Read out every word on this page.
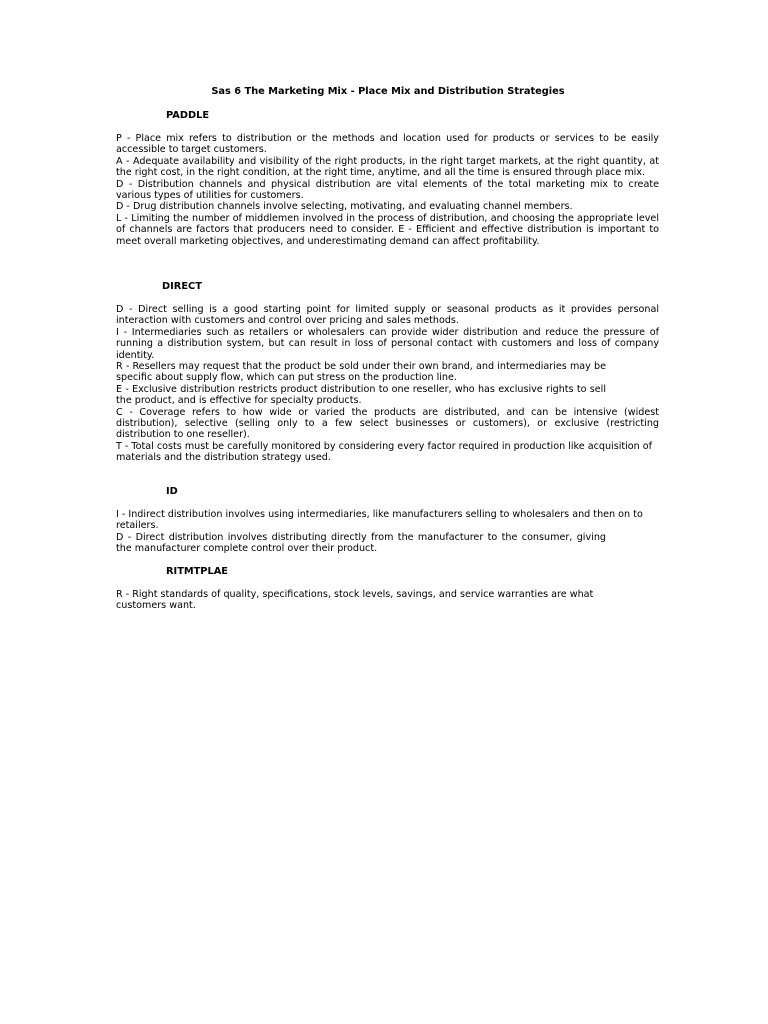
Sas 6 The Marketing Mix - Place Mix and Distribution Strategies
PADDLE

P - Place mix refers to distribution or the methods and location used for products or services to be easily accessible to target customers.

A - Adequate availability and visibility of the right products, in the right target markets, at the right quantity, at the right cost, in the right condition, at the right time, anytime, and all the time is ensured through place mix.

D - Distribution channels and physical distribution are vital elements of the total marketing mix to create various types of utilities for customers.

D - Drug distribution channels involve selecting, motivating, and evaluating channel members.

L - Limiting the number of middlemen involved in the process of distribution, and choosing the appropriate level of channels are factors that producers need to consider. E - Efficient and effective distribution is important to meet overall marketing objectives, and underestimating demand can affect profitability.

DIRECT

D - Direct selling is a good starting point for limited supply or seasonal products as it provides personal interaction with customers and control over pricing and sales methods.

I - Intermediaries such as retailers or wholesalers can provide wider distribution and reduce the pressure of running a distribution system, but can result in loss of personal contact with customers and loss of company identity.

R - Resellers may request that the product be sold under their own brand, and intermediaries may be specific about supply flow, which can put stress on the production line.

E - Exclusive distribution restricts product distribution to one reseller, who has exclusive rights to sell the product, and is effective for specialty products.

C - Coverage refers to how wide or varied the products are distributed, and can be intensive (widest distribution), selective (selling only to a few select businesses or customers), or exclusive (restricting distribution to one reseller).

T - Total costs must be carefully monitored by considering every factor required in production like acquisition of materials and the distribution strategy used.

ID

I - Indirect distribution involves using intermediaries, like manufacturers selling to wholesalers and then on to retailers.

D - Direct distribution involves distributing directly from the manufacturer to the consumer, giving the manufacturer complete control over their product.

RITMTPLAE

R - Right standards of quality, specifications, stock levels, savings, and service warranties are what customers want.
